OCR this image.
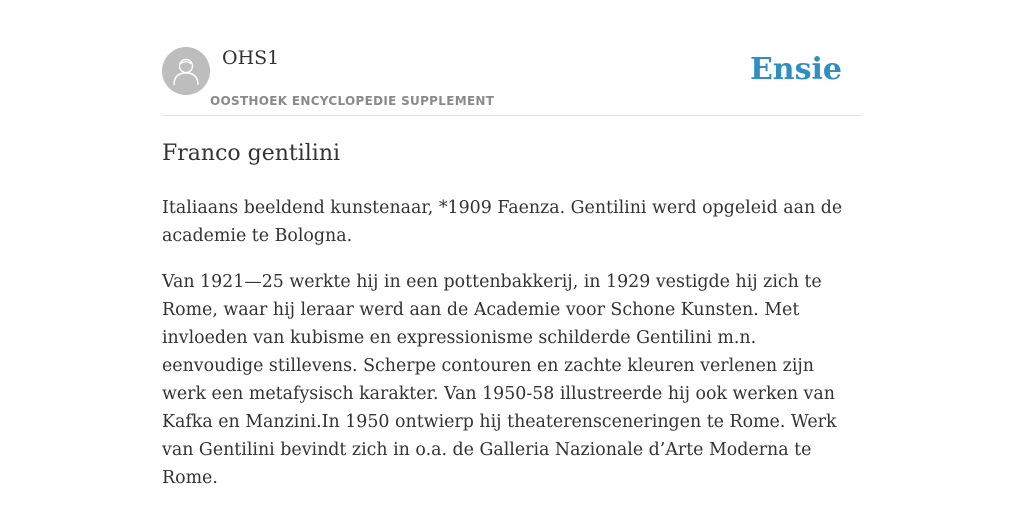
OHS1
OOSTHOEK ENCYCLOPEDIE SUPPLEMENT
Ensie
Franco gentilini

Italiaans beeldend kunstenaar, *1909 Faenza. Gentilini werd opgeleid aan de academie te Bologna.

Van 1921—25 werkte hij in een pottenbakkerij, in 1929 vestigde hij zich te Rome, waar hij leraar werd aan de Academie voor Schone Kunsten. Met invloeden van kubisme en expressionisme schilderde Gentilini m.n. eenvoudige stillevens. Scherpe contouren en zachte kleuren verlenen zijn werk een metafysisch karakter. Van 1950-58 illustreerde hij ook werken van Kafka en Manzini.In 1950 ontwierp hij theaterensceneringen te Rome. Werk van Gentilini bevindt zich in o.a. de Galleria Nazionale d’Arte Moderna te Rome.
